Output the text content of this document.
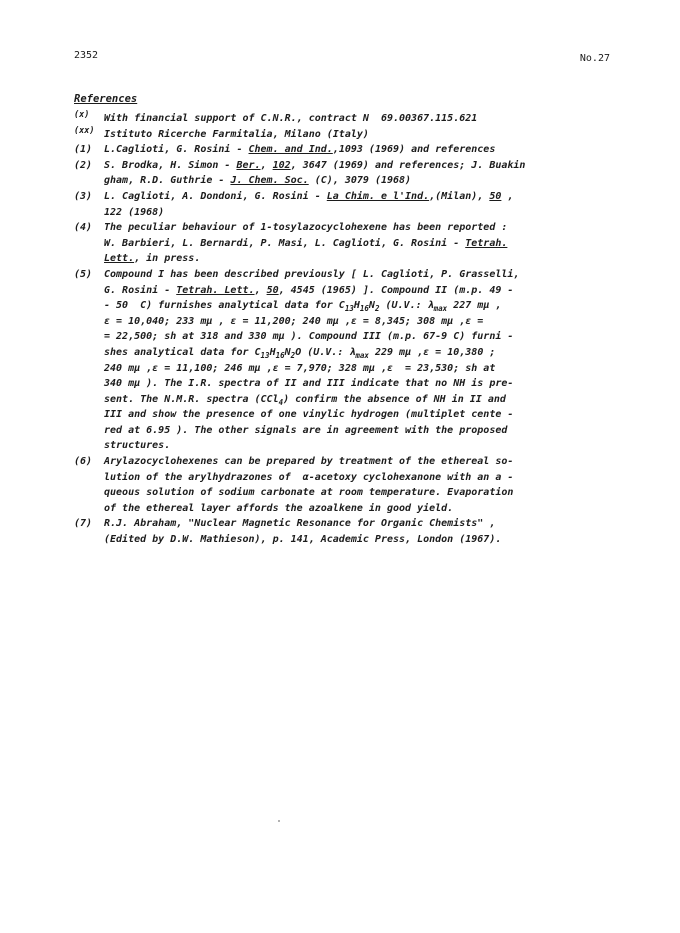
2352	No.27
References
(x) With financial support of C.N.R., contract N  69.00367.115.621
(xx) Istituto Ricerche Farmitalia, Milano (Italy)
(1) L.Caglioti, G. Rosini - Chem. and Ind.,1093 (1969) and references
(2) S. Brodka, H. Simon - Ber., 102, 3647 (1969) and references; J. Buakin
gham, R.D. Guthrie - J. Chem. Soc. (C), 3079 (1968)
(3) L. Caglioti, A. Dondoni, G. Rosini - La Chim. e l'Ind.,(Milan), 50 ,
122 (1968)
(4) The peculiar behaviour of 1-tosylazocyclohexene has been reported :
W. Barbieri, L. Bernardi, P. Masi, L. Caglioti, G. Rosini - Tetrah.
Lett., in press.
(5) Compound I has been described previously [ L. Caglioti, P. Grasselli,
G. Rosini - Tetrah. Lett., 50, 4545 (1965) ]. Compound II (m.p. 49 -
- 50  C) furnishes analytical data for $C_{13}H_{16}N_2$ (U.V.: $\lambda_{max}$ 227 mμ ,
ε = 10,040; 233 mμ , ε = 11,200; 240 mμ ,ε = 8,345; 308 mμ ,ε =
= 22,500; sh at 318 and 330 mμ ). Compound III (m.p. 67-9 C) furni -
shes analytical data for $C_{13}H_{16}N_2O$ (U.V.: $\lambda_{max}$ 229 mμ ,ε = 10,380 ;
240 mμ ,ε = 11,100; 246 mμ ,ε = 7,970; 328 mμ ,ε  = 23,530; sh at
340 mμ ). The I.R. spectra of II and III indicate that no NH is pre-
sent. The N.M.R. spectra (CCl$_4$) confirm the absence of NH in II and
III and show the presence of one vinylic hydrogen (multiplet cente -
red at 6.95 ). The other signals are in agreement with the proposed
structures.
(6) Arylazocyclohexenes can be prepared by treatment of the ethereal so-
lution of the arylhydrazones of  α-acetoxy cyclohexanone with an a -
queous solution of sodium carbonate at room temperature. Evaporation
of the ethereal layer affords the azoalkene in good yield.
(7) R.J. Abraham, "Nuclear Magnetic Resonance for Organic Chemists" ,
(Edited by D.W. Mathieson), p. 141, Academic Press, London (1967).
